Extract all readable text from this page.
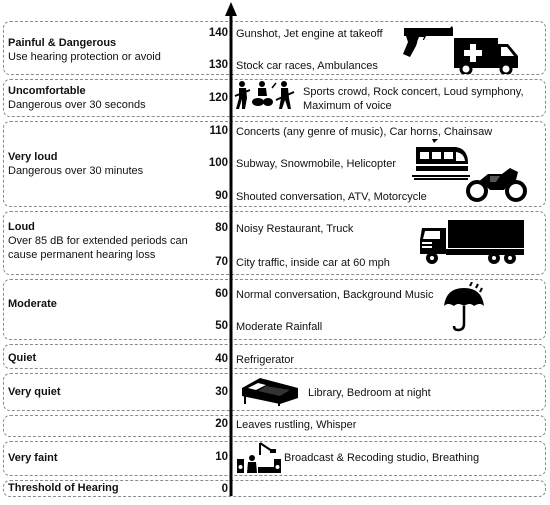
Painful & Dangerous
Use hearing protection or avoid
Uncomfortable
Dangerous over 30 seconds
Very loud
Dangerous over 30 minutes
Loud
Over 85 dB for extended periods can
cause permanent hearing loss
Moderate
Quiet
Very quiet
Very faint
Threshold of Hearing
140
130
120
110
100
90
80
70
60
50
40
30
20
10
0
Gunshot, Jet engine at takeoff
Stock car races, Ambulances
Sports crowd, Rock concert, Loud symphony,
Maximum of voice
Concerts (any genre of music), Car horns, Chainsaw
Subway, Snowmobile, Helicopter
Shouted conversation, ATV, Motorcycle
Noisy Restaurant, Truck
City traffic, inside car at 60 mph
Normal conversation, Background Music
Moderate Rainfall
Refrigerator
Library, Bedroom at night
Leaves rustling, Whisper
Broadcast & Recoding studio, Breathing
